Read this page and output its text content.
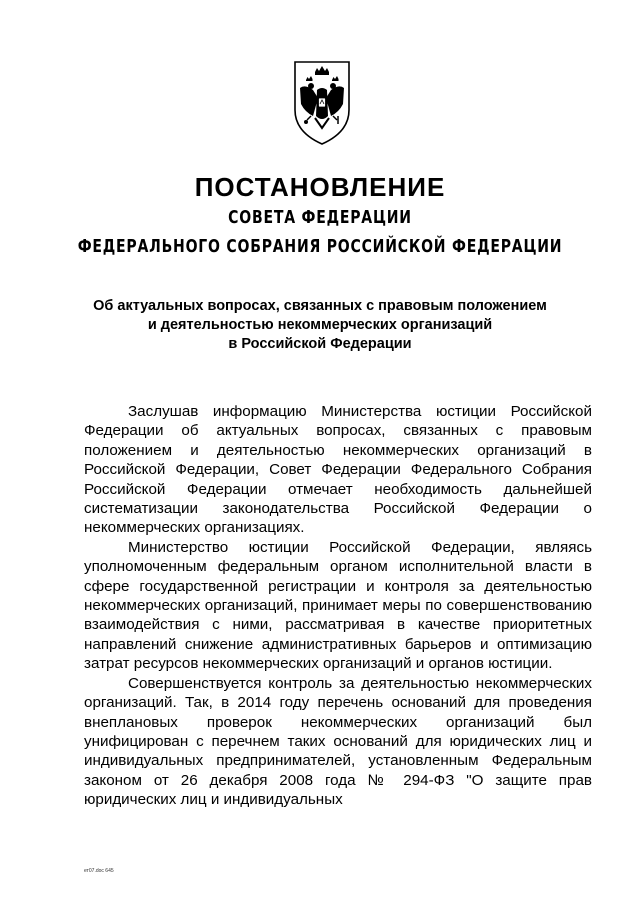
ПОСТАНОВЛЕНИЕ
СОВЕТА ФЕДЕРАЦИИ
ФЕДЕРАЛЬНОГО СОБРАНИЯ РОССИЙСКОЙ ФЕДЕРАЦИИ
Об актуальных вопросах, связанных с правовым положением
и деятельностью некоммерческих организаций
в Российской Федерации

Заслушав информацию Министерства юстиции Российской Федерации об актуальных вопросах, связанных с правовым положением и деятельностью некоммерческих организаций в Российской Федерации, Совет Федерации Федерального Собрания Российской Федерации отмечает необходимость дальнейшей систематизации законодательства Российской Федерации о некоммерческих организациях.

Министерство юстиции Российской Федерации, являясь уполномоченным федеральным органом исполнительной власти в сфере государственной регистрации и контроля за деятельностью некоммерческих организаций, принимает меры по совершенствованию взаимодействия с ними, рассматривая в качестве приоритетных направлений снижение административных барьеров и оптимизацию затрат ресурсов некоммерческих организаций и органов юстиции.

Совершенствуется контроль за деятельностью некоммерческих организаций. Так, в 2014 году перечень оснований для проведения внеплановых проверок некоммерческих организаций был унифицирован с перечнем таких оснований для юридических лиц и индивидуальных предпринимателей, установленным Федеральным законом от 26 декабря 2008 года № 294-ФЗ "О защите прав юридических лиц и индивидуальных

ет07.doc 645
